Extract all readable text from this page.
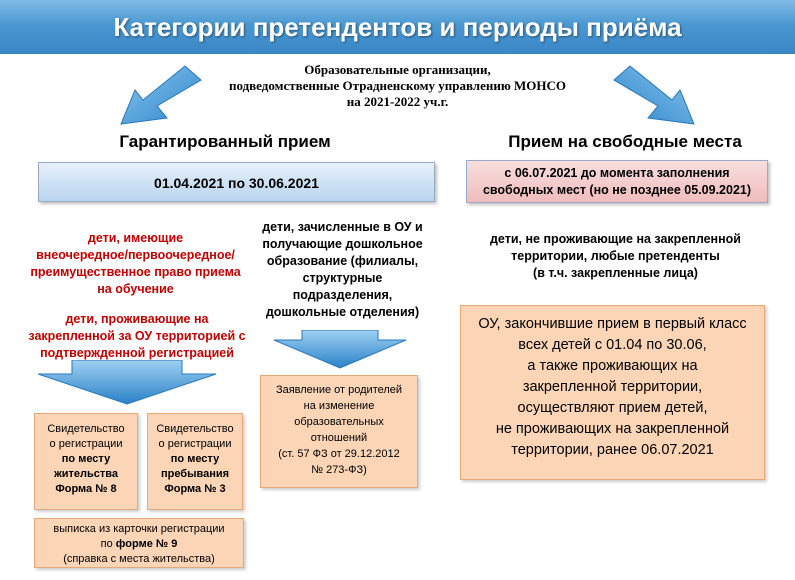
Категории претендентов и периоды приёма
Образовательные организации,
подведомственные Отрадненскому управлению МОНСО
на 2021-2022 уч.г.
Гарантированный прием	Прием на свободные места
01.04.2021 по 30.06.2021
с 06.07.2021 до момента заполнения
свободных мест (но не позднее 05.09.2021)
дети, имеющие
внеочередное/первоочередное/
преимущественное право приема
на обучение
дети, проживающие на
закрепленной за ОУ территорией с
подтвержденной регистрацией
дети, зачисленные в ОУ и
получающие дошкольное
образование (филиалы,
структурные
подразделения,
дошкольные отделения)
дети, не проживающие на закрепленной
территории, любые претенденты
(в т.ч. закрепленные лица)
Свидетельство
о регистрации
по месту
жительства
Форма № 8
Свидетельство
о регистрации
по месту
пребывания
Форма № 3
выписка из карточки регистрации
по форме № 9
(справка с места жительства)
Заявление от родителей
на изменение
образовательных
отношений
(ст. 57 ФЗ от 29.12.2012
№ 273-ФЗ)
ОУ, закончившие прием в первый класс
всех детей с 01.04 по 30.06,
а также проживающих на
закрепленной территории,
осуществляют прием детей,
не проживающих на закрепленной
территории, ранее 06.07.2021
